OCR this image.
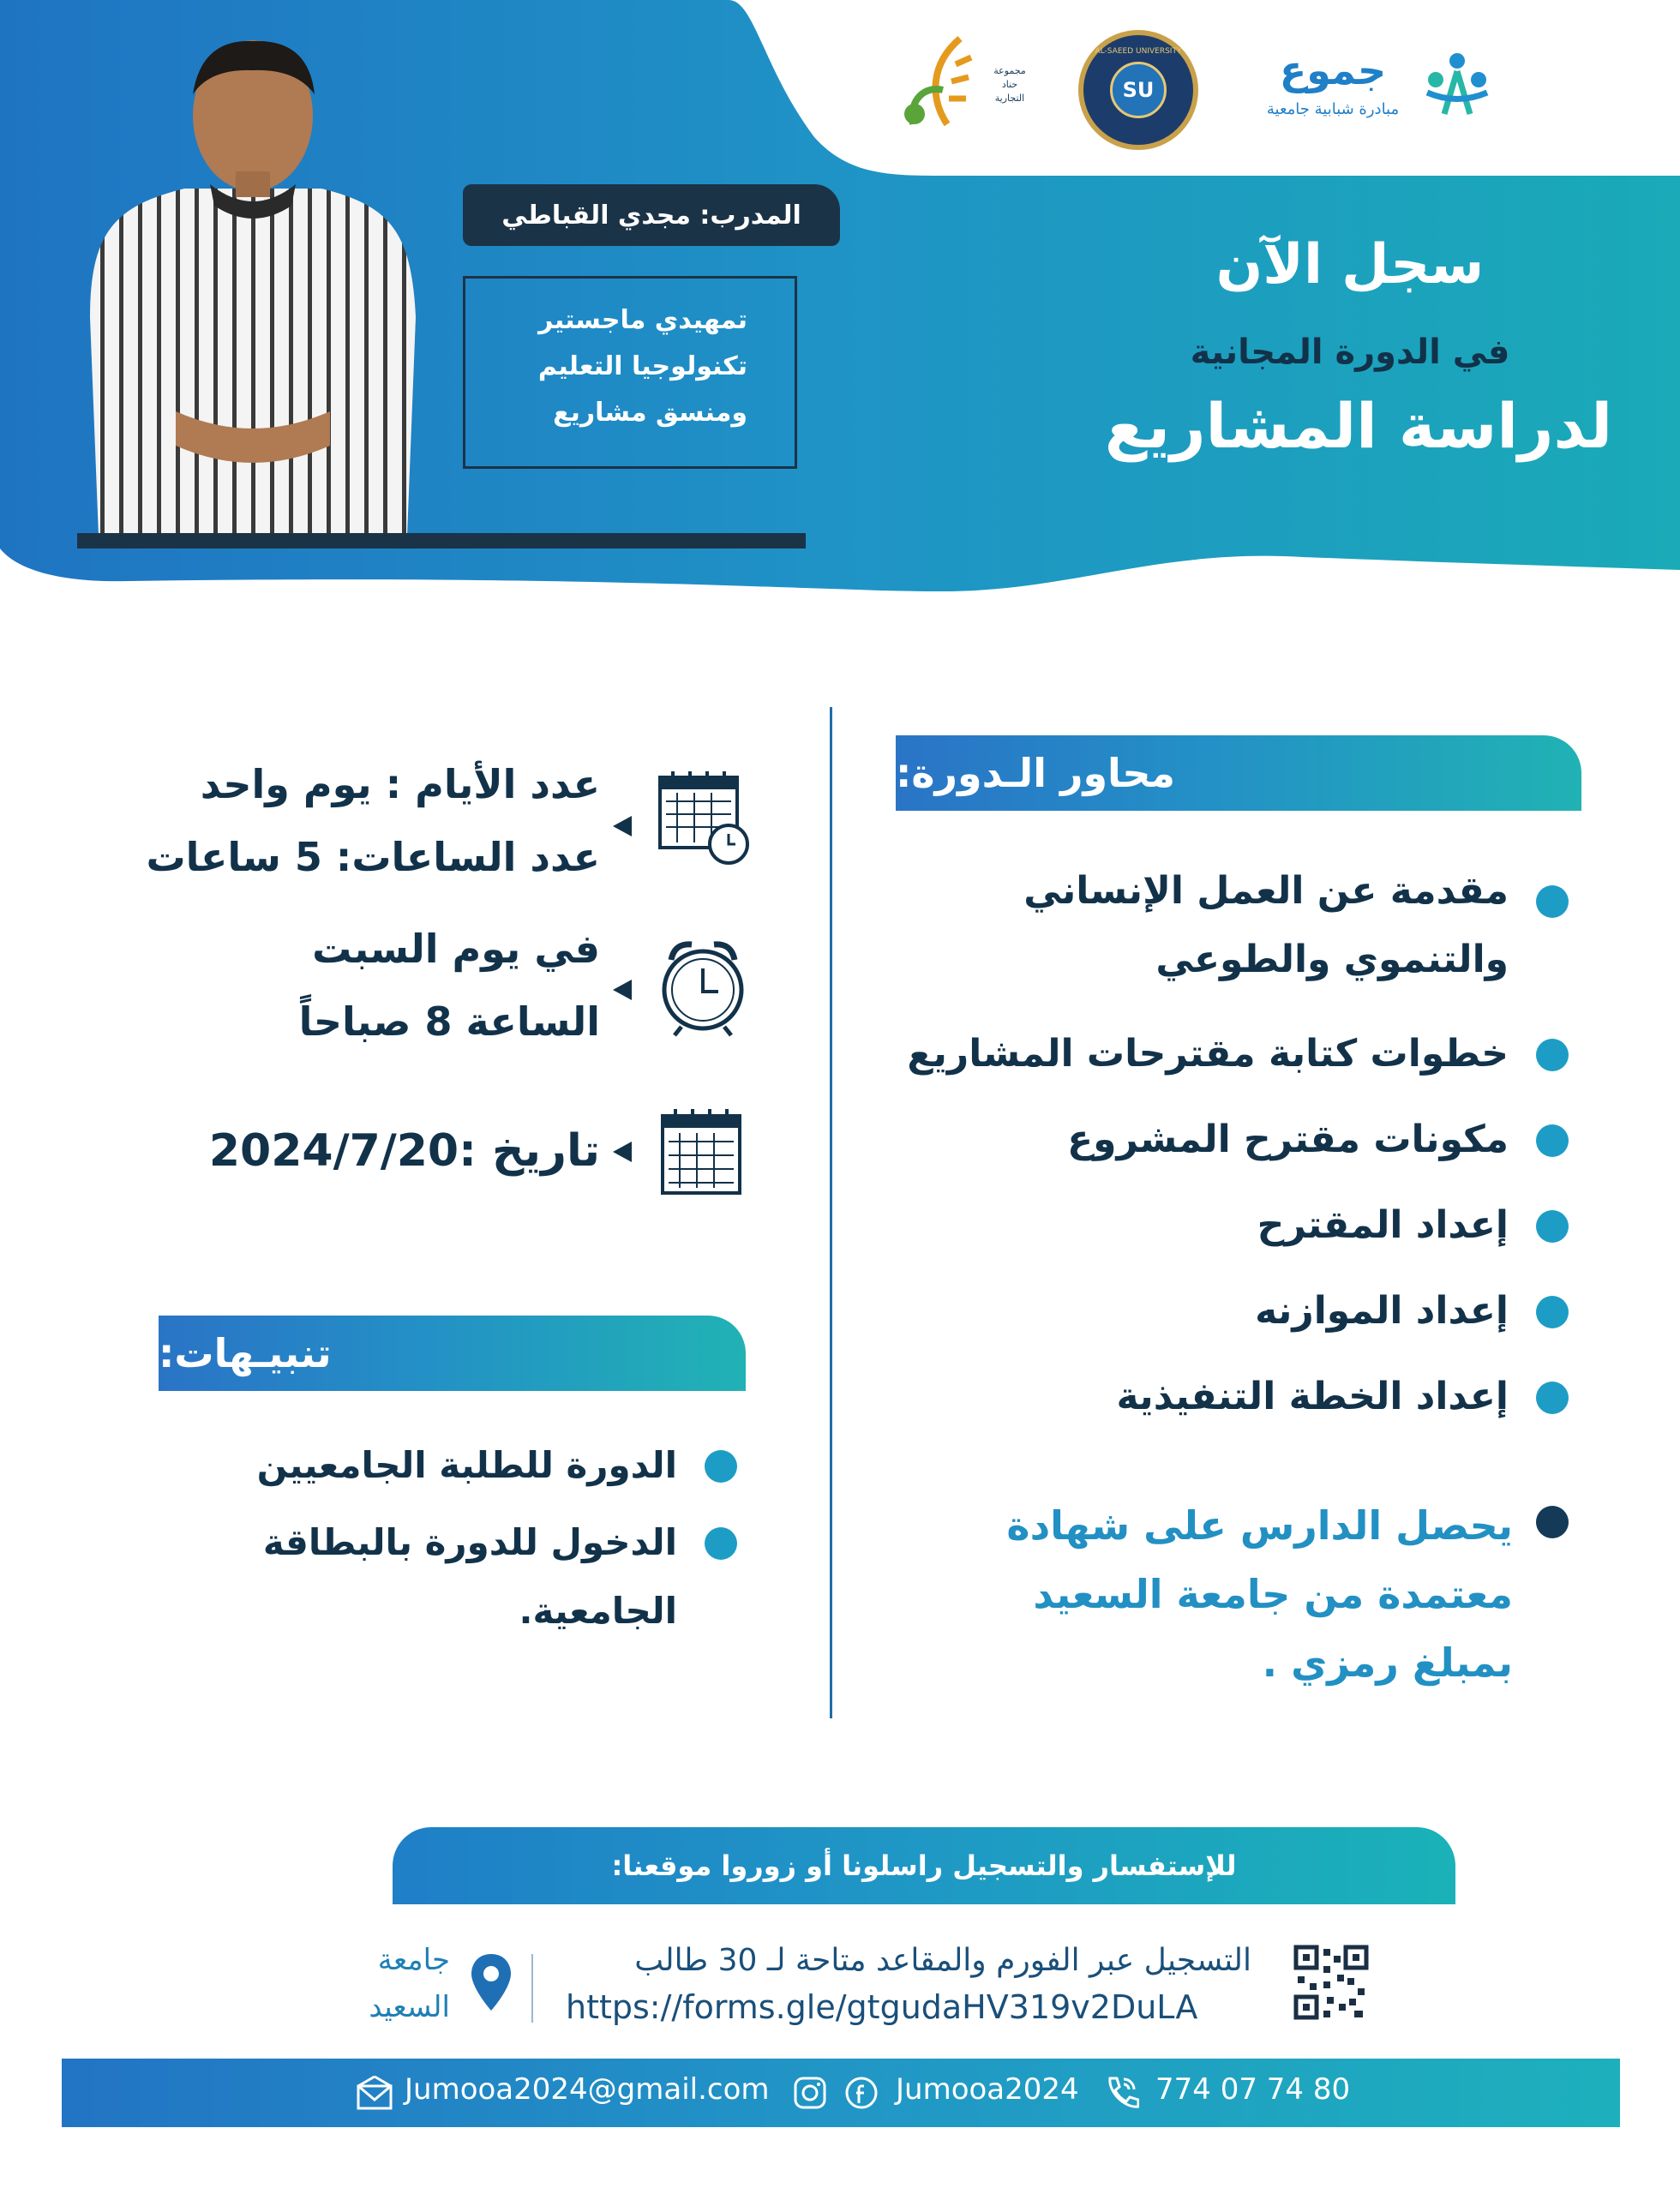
جموع
مبادرة شبابية جامعية
AL-SAEED UNIVERSITY
SU
مجموعة حناد التجارية
المدرب: مجدي القباطي
تمهيدي ماجستير
تكنولوجيا التعليم
ومنسق مشاريع
سجل الآن
في الدورة المجانية
لدراسة المشاريع
محاور الـدورة:
مقدمة عن العمل الإنساني
والتنموي والطوعي
خطوات كتابة مقترحات المشاريع
مكونات مقترح المشروع
إعداد المقترح
إعداد الموازنه
إعداد الخطة التنفيذية
يحصل الدارس على شهادة
معتمدة من جامعة السعيد
بمبلغ رمزي .
عدد الأيام : يوم واحد
عدد الساعات: 5 ساعات
في يوم السبت
الساعة 8 صباحاً
تاريخ :2024/7/20
تنبيـهات:
الدورة للطلبة الجامعيين
الدخول للدورة بالبطاقة
الجامعية.
للإستفسار والتسجيل راسلونا أو زوروا موقعنا:
التسجيل عبر الفورم والمقاعد متاحة لـ 30 طالب
https://forms.gle/gtgudaHV319v2DuLA
جامعة
السعيد
Jumooa2024@gmail.com	Jumooa2024	774 07 74 80
